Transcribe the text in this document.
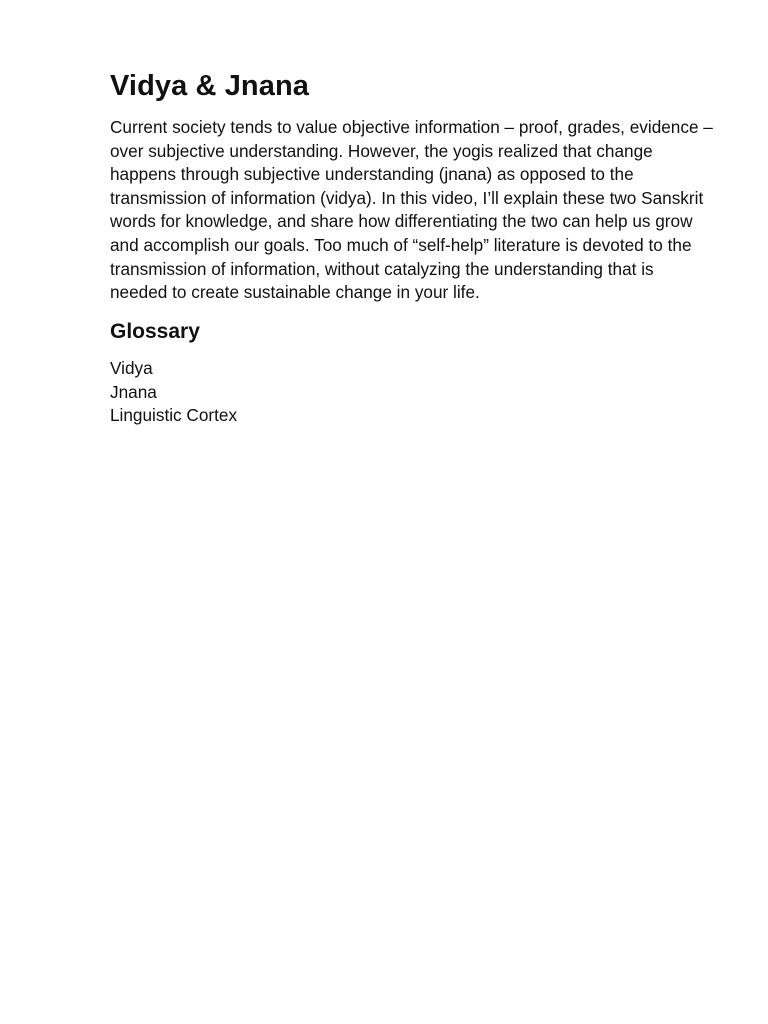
Vidya & Jnana

Current society tends to value objective information – proof, grades, evidence – over subjective understanding. However, the yogis realized that change happens through subjective understanding (jnana) as opposed to the transmission of information (vidya). In this video, I’ll explain these two Sanskrit words for knowledge, and share how differentiating the two can help us grow and accomplish our goals. Too much of “self-help” literature is devoted to the transmission of information, without catalyzing the understanding that is needed to create sustainable change in your life.

Glossary
Vidya
Jnana
Linguistic Cortex
